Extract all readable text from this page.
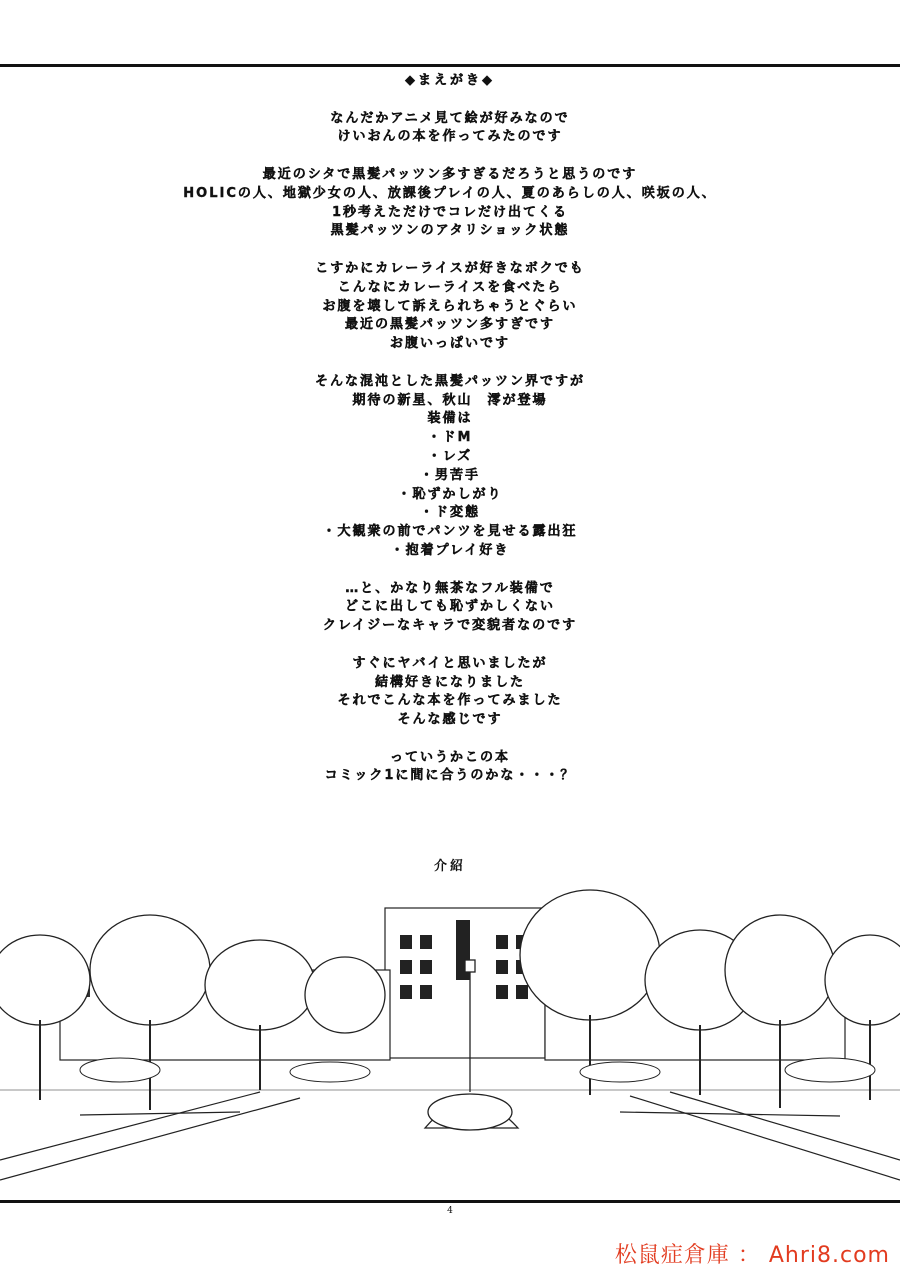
◆まえがき◆
なんだかアニメ見て絵が好みなので
けいおんの本を作ってみたのです
最近のシタで黒髪パッツン多すぎるだろうと思うのです
HOLICの人、地獄少女の人、放課後プレイの人、夏のあらしの人、咲坂の人、
1秒考えただけでコレだけ出てくる
黒髪パッツンのアタリショック状態
こすかにカレーライスが好きなボクでも
こんなにカレーライスを食べたら
お腹を壊して訴えられちゃうとぐらい
最近の黒髪パッツン多すぎです
お腹いっぱいです
そんな混沌とした黒髪パッツン界ですが
期待の新星、秋山　澪が登場
装備は
・ドM
・レズ
・男苦手
・恥ずかしがり
・ド変態
・大観衆の前でパンツを見せる露出狂
・抱着プレイ好き
…と、かなり無茶なフル装備で
どこに出しても恥ずかしくない
クレイジーなキャラで変貌者なのです
すぐにヤバイと思いましたが
結構好きになりました
それでこんな本を作ってみました
そんな感じです
っていうかこの本
コミック1に間に合うのかな・・・？
介紹
4
松鼠症倉庫 ： Ahri8.com
